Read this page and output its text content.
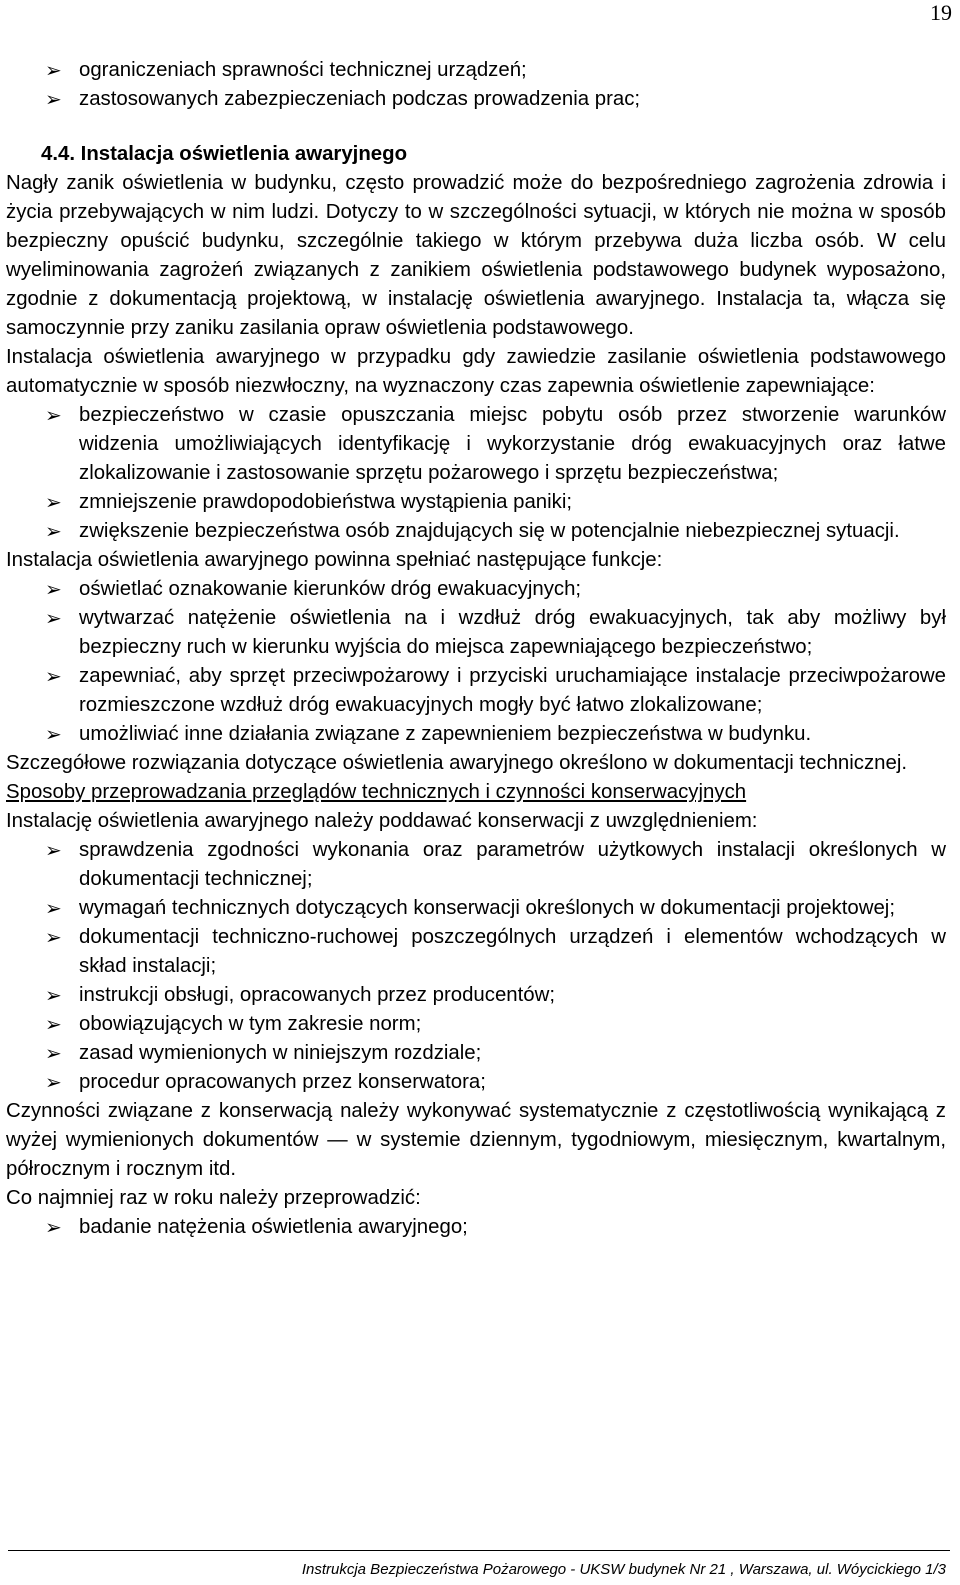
19
➢ ograniczeniach sprawności technicznej urządzeń;
➢ zastosowanych zabezpieczeniach podczas prowadzenia prac;
4.4. Instalacja oświetlenia awaryjnego
Nagły zanik oświetlenia w budynku, często prowadzić może do bezpośredniego zagrożenia zdrowia i życia przebywających w nim ludzi. Dotyczy to w szczególności sytuacji, w których nie można w sposób bezpieczny opuścić budynku, szczególnie takiego w którym przebywa duża liczba osób. W celu wyeliminowania zagrożeń związanych z zanikiem oświetlenia podstawowego budynek wyposażono, zgodnie z dokumentacją projektową, w instalację oświetlenia awaryjnego. Instalacja ta, włącza się samoczynnie przy zaniku zasilania opraw oświetlenia podstawowego.
Instalacja oświetlenia awaryjnego w przypadku gdy zawiedzie zasilanie oświetlenia podstawowego automatycznie w sposób niezwłoczny, na wyznaczony czas zapewnia oświetlenie zapewniające:
➢ bezpieczeństwo w czasie opuszczania miejsc pobytu osób przez stworzenie warunków widzenia umożliwiających identyfikację i wykorzystanie dróg ewakuacyjnych oraz łatwe zlokalizowanie i zastosowanie sprzętu pożarowego i sprzętu bezpieczeństwa;
➢ zmniejszenie prawdopodobieństwa wystąpienia paniki;
➢ zwiększenie bezpieczeństwa osób znajdujących się w potencjalnie niebezpiecznej sytuacji.
Instalacja oświetlenia awaryjnego powinna spełniać następujące funkcje:
➢ oświetlać oznakowanie kierunków dróg ewakuacyjnych;
➢ wytwarzać natężenie oświetlenia na i wzdłuż dróg ewakuacyjnych, tak aby możliwy był bezpieczny ruch w kierunku wyjścia do miejsca zapewniającego bezpieczeństwo;
➢ zapewniać, aby sprzęt przeciwpożarowy i przyciski uruchamiające instalacje przeciwpożarowe rozmieszczone wzdłuż dróg ewakuacyjnych mogły być łatwo zlokalizowane;
➢ umożliwiać inne działania związane z zapewnieniem bezpieczeństwa w budynku.
Szczegółowe rozwiązania dotyczące oświetlenia awaryjnego określono w dokumentacji technicznej.
Sposoby przeprowadzania przeglądów technicznych i czynności konserwacyjnych
Instalację oświetlenia awaryjnego należy poddawać konserwacji z uwzględnieniem:
➢ sprawdzenia zgodności wykonania oraz parametrów użytkowych instalacji określonych w dokumentacji technicznej;
➢ wymagań technicznych dotyczących konserwacji określonych w dokumentacji projektowej;
➢ dokumentacji techniczno-ruchowej poszczególnych urządzeń i elementów wchodzących w skład instalacji;
➢ instrukcji obsługi, opracowanych przez producentów;
➢ obowiązujących w tym zakresie norm;
➢ zasad wymienionych w niniejszym rozdziale;
➢ procedur opracowanych przez konserwatora;
Czynności związane z konserwacją należy wykonywać systematycznie z częstotliwością wynikającą z wyżej wymienionych dokumentów — w systemie dziennym, tygodniowym, miesięcznym, kwartalnym, półrocznym i rocznym itd.
Co najmniej raz w roku należy przeprowadzić:
➢ badanie natężenia oświetlenia awaryjnego;
Instrukcja Bezpieczeństwa Pożarowego - UKSW budynek Nr 21 , Warszawa, ul. Wóycickiego 1/3
